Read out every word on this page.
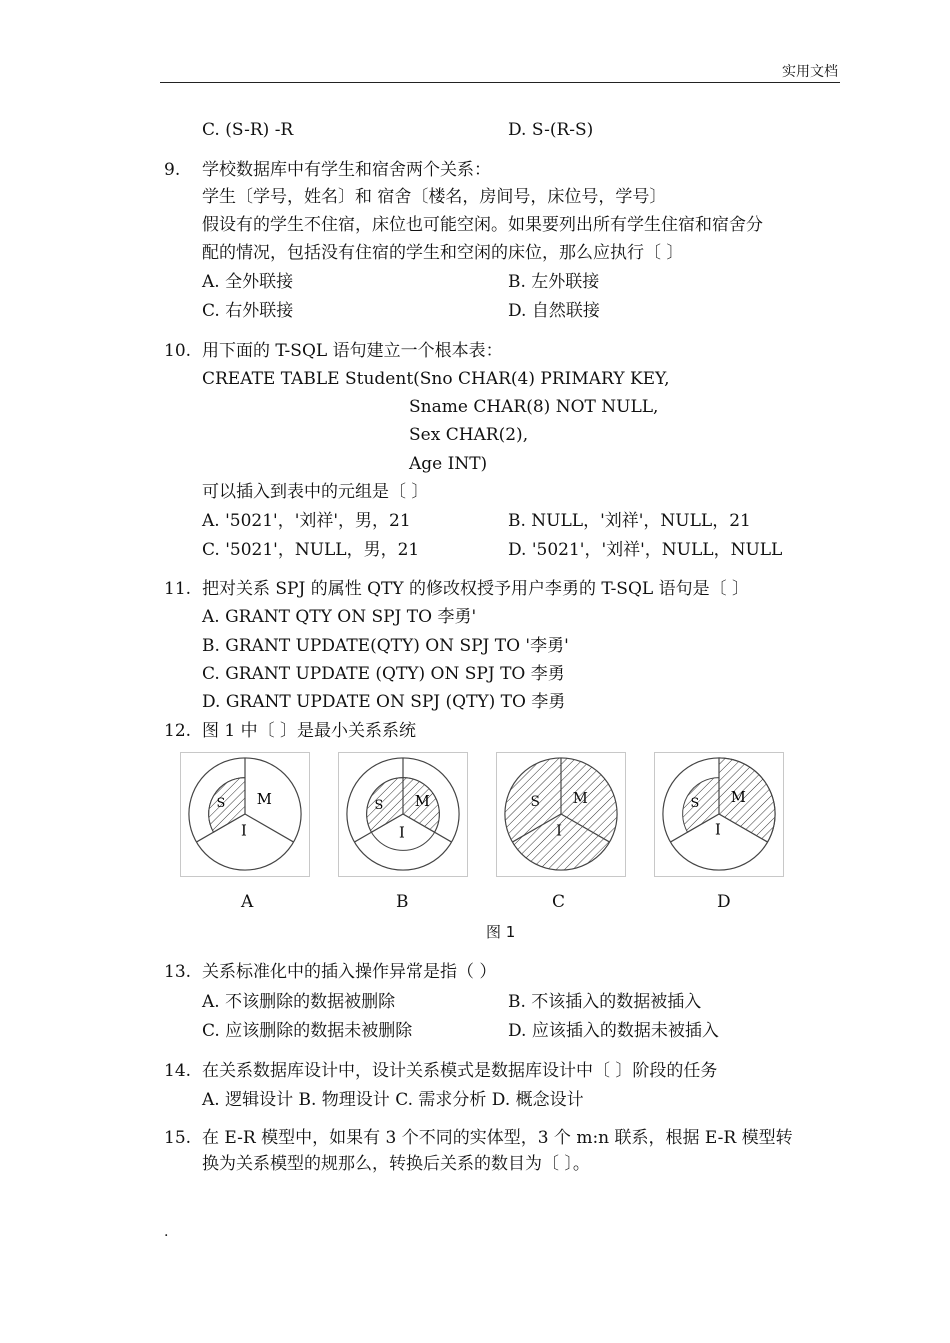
实用文档
C. (S-R) -R	D. S-(R-S)
9. 学校数据库中有学生和宿舍两个关系：
学生〔学号，姓名〕和 宿舍〔楼名，房间号，床位号，学号〕
假设有的学生不住宿，床位也可能空闲。如果要列出所有学生住宿和宿舍分
配的情况，包括没有住宿的学生和空闲的床位，那么应执行〔 〕
A. 全外联接	B. 左外联接
C. 右外联接	D. 自然联接
10. 用下面的 T-SQL 语句建立一个根本表：
CREATE TABLE Student(Sno CHAR(4) PRIMARY KEY,
Sname CHAR(8) NOT NULL,
Sex CHAR(2),
Age INT)
可以插入到表中的元组是〔 〕
A. '5021'，'刘祥'，男，21	B. NULL，'刘祥'，NULL，21
C. '5021'，NULL，男，21	D. '5021'，'刘祥'，NULL，NULL
11. 把对关系 SPJ 的属性 QTY 的修改权授予用户李勇的 T-SQL 语句是〔 〕
A. GRANT QTY ON SPJ TO 李勇'
B. GRANT UPDATE(QTY) ON SPJ TO '李勇'
C. GRANT UPDATE (QTY) ON SPJ TO 李勇
D. GRANT UPDATE ON SPJ (QTY) TO 李勇
12. 图 1 中〔 〕是最小关系系统
S M
I
S M
I
S M
I
S M
I
A	B	C	D
图 1
13. 关系标准化中的插入操作异常是指（ ）
A. 不该删除的数据被删除	B. 不该插入的数据被插入
C. 应该删除的数据未被删除	D. 应该插入的数据未被插入
14. 在关系数据库设计中，设计关系模式是数据库设计中〔 〕阶段的任务
A. 逻辑设计 B. 物理设计 C. 需求分析 D. 概念设计
15. 在 E-R 模型中，如果有 3 个不同的实体型，3 个 m:n 联系，根据 E-R 模型转
换为关系模型的规那么，转换后关系的数目为〔 〕。
.
